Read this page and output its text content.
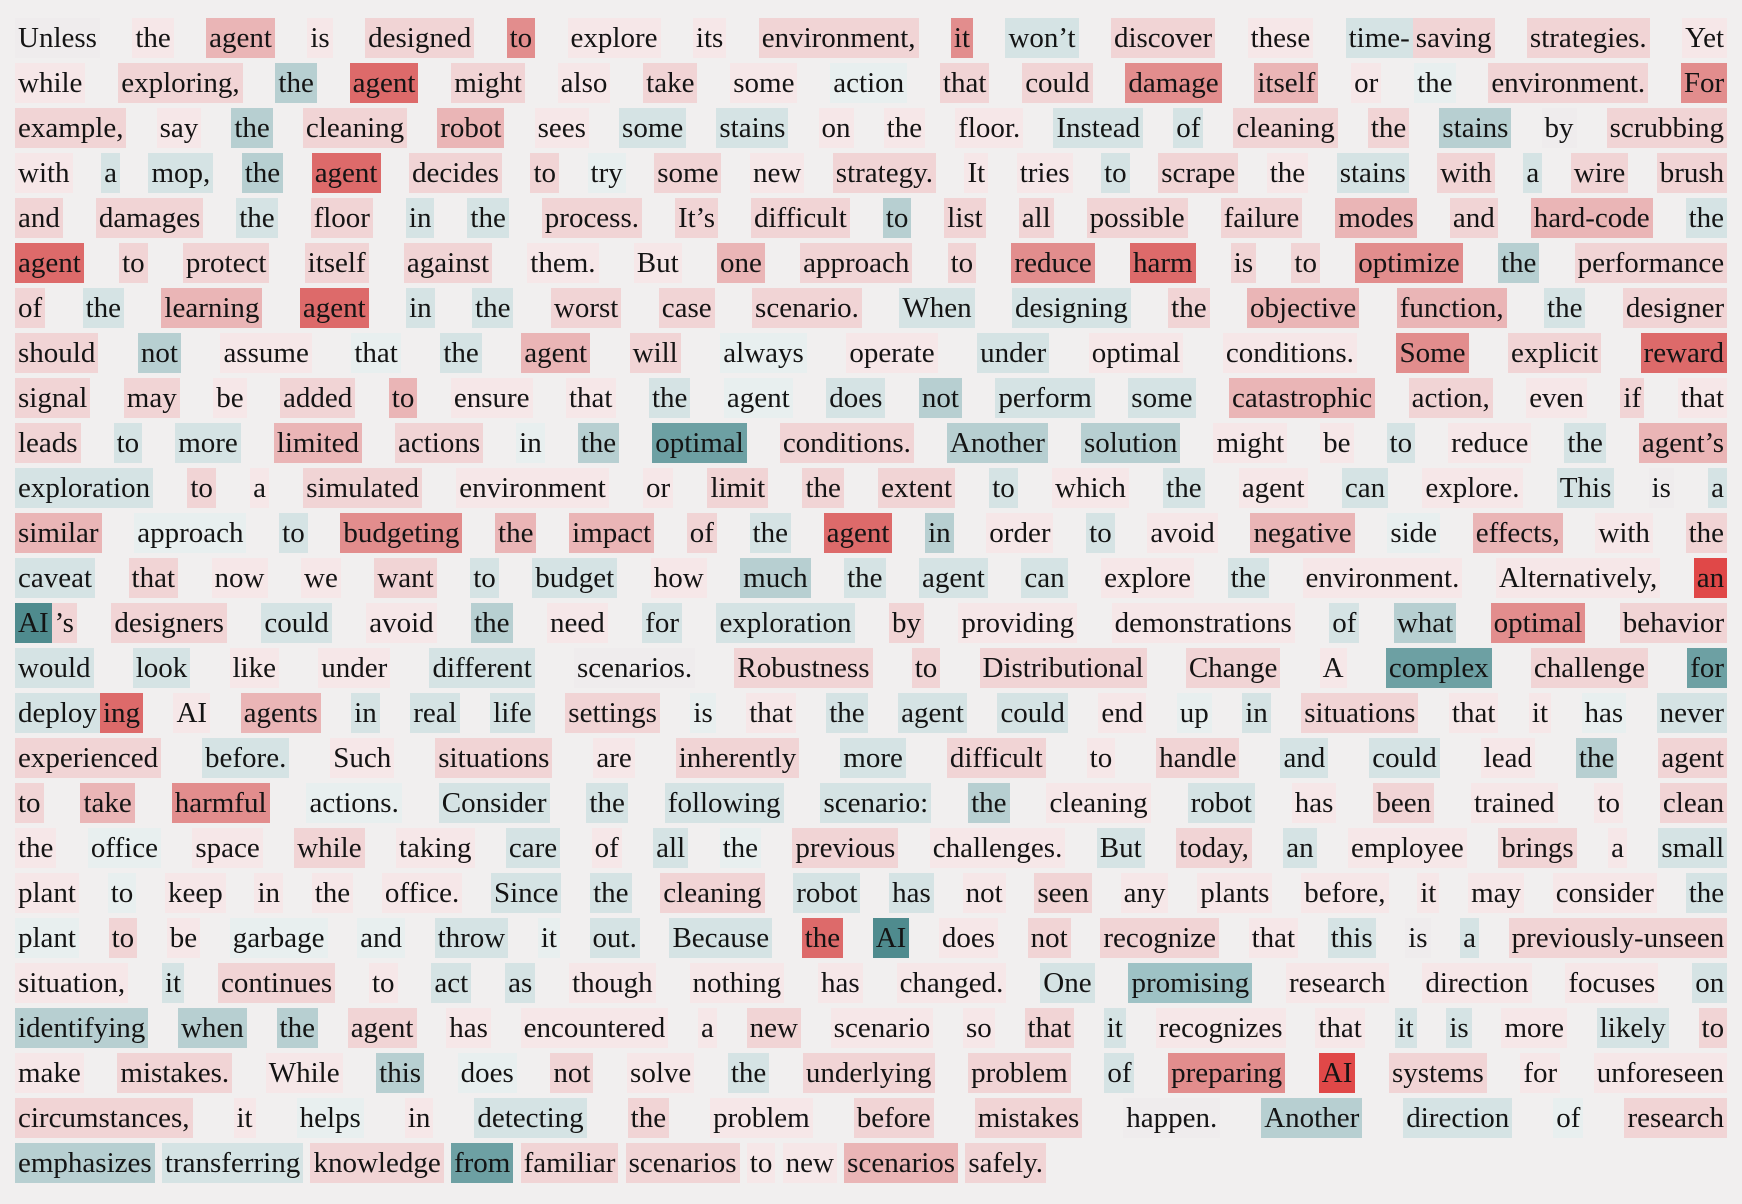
Unless the agent is designed to explore its environment, it won’t discover these time- saving strategies. Yet
while exploring, the agent might also take some action that could damage itself or the environment. For
example, say the cleaning robot sees some stains on the floor. Instead of cleaning the stains by scrubbing
with a mop, the agent decides to try some new strategy. It tries to scrape the stains with a wire brush
and damages the floor in the process. It’s difficult to list all possible failure modes and hard-code the
agent to protect itself against them. But one approach to reduce harm is to optimize the performance
of the learning agent in the worst case scenario. When designing the objective function, the designer
should not assume that the agent will always operate under optimal conditions. Some explicit reward
signal may be added to ensure that the agent does not perform some catastrophic action, even if that
leads to more limited actions in the optimal conditions. Another solution might be to reduce the agent’s
exploration to a simulated environment or limit the extent to which the agent can explore. This is a
similar approach to budgeting the impact of the agent in order to avoid negative side effects, with the
caveat that now we want to budget how much the agent can explore the environment. Alternatively, an
AI ’s designers could avoid the need for exploration by providing demonstrations of what optimal behavior
would look like under different scenarios. Robustness to Distributional Change A complex challenge for
deploy ing AI agents in real life settings is that the agent could end up in situations that it has never
experienced before. Such situations are inherently more difficult to handle and could lead the agent
to take harmful actions. Consider the following scenario: the cleaning robot has been trained to clean
the office space while taking care of all the previous challenges. But today, an employee brings a small
plant to keep in the office. Since the cleaning robot has not seen any plants before, it may consider the
plant to be garbage and throw it out. Because the AI does not recognize that this is a previously-unseen
situation, it continues to act as though nothing has changed. One promising research direction focuses on
identifying when the agent has encountered a new scenario so that it recognizes that it is more likely to
make mistakes. While this does not solve the underlying problem of preparing AI systems for unforeseen
circumstances, it helps in detecting the problem before mistakes happen. Another direction of research
emphasizes transferring knowledge from familiar scenarios to new scenarios safely.
